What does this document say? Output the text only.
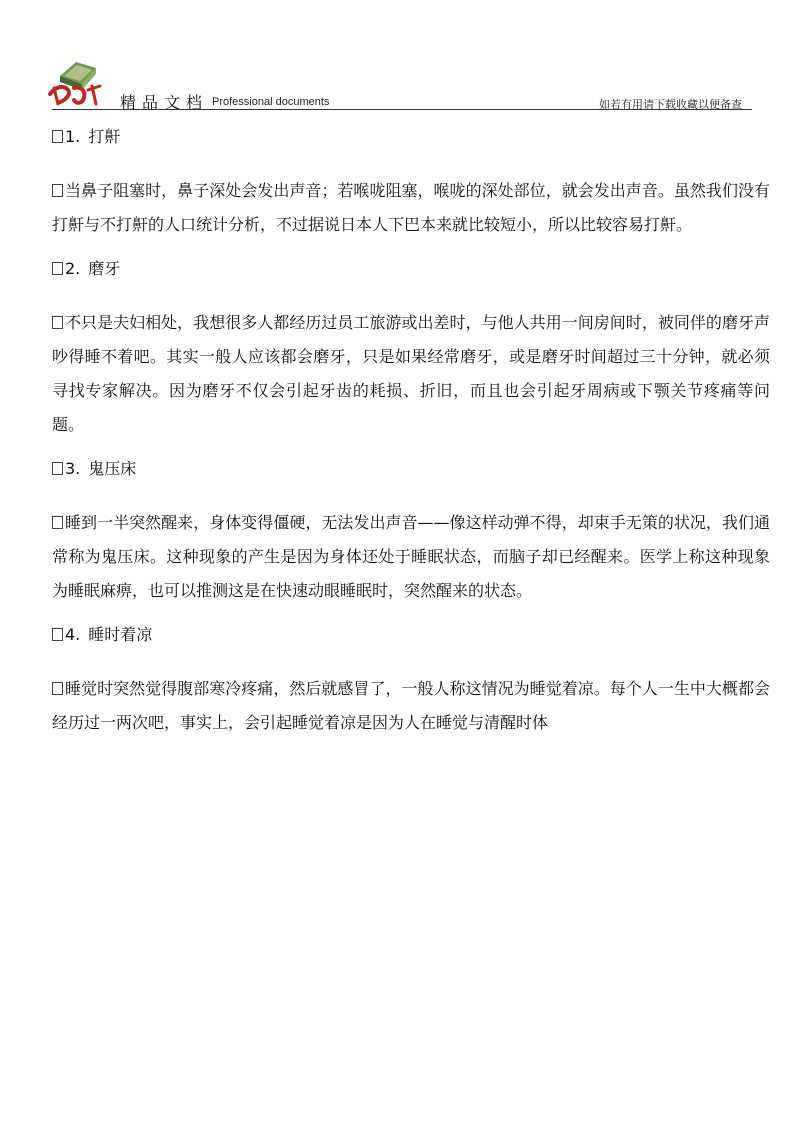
精品文档 Professional documents	如若有用请下载收藏以便备查
1. 打鼾

当鼻子阻塞时，鼻子深处会发出声音；若喉咙阻塞，喉咙的深处部位，就会发出声音。虽然我们没有打鼾与不打鼾的人口统计分析，不过据说日本人下巴本来就比较短小，所以比较容易打鼾。

2. 磨牙

不只是夫妇相处，我想很多人都经历过员工旅游或出差时，与他人共用一间房间时，被同伴的磨牙声吵得睡不着吧。其实一般人应该都会磨牙，只是如果经常磨牙，或是磨牙时间超过三十分钟，就必须寻找专家解决。因为磨牙不仅会引起牙齿的耗损、折旧，而且也会引起牙周病或下颚关节疼痛等问题。

3. 鬼压床

睡到一半突然醒来，身体变得僵硬，无法发出声音——像这样动弹不得，却束手无策的状况，我们通常称为鬼压床。这种现象的产生是因为身体还处于睡眠状态，而脑子却已经醒来。医学上称这种现象为睡眠麻痹，也可以推测这是在快速动眼睡眠时，突然醒来的状态。

4. 睡时着凉

睡觉时突然觉得腹部寒冷疼痛，然后就感冒了，一般人称这情况为睡觉着凉。每个人一生中大概都会经历过一两次吧，事实上，会引起睡觉着凉是因为人在睡觉与清醒时体
